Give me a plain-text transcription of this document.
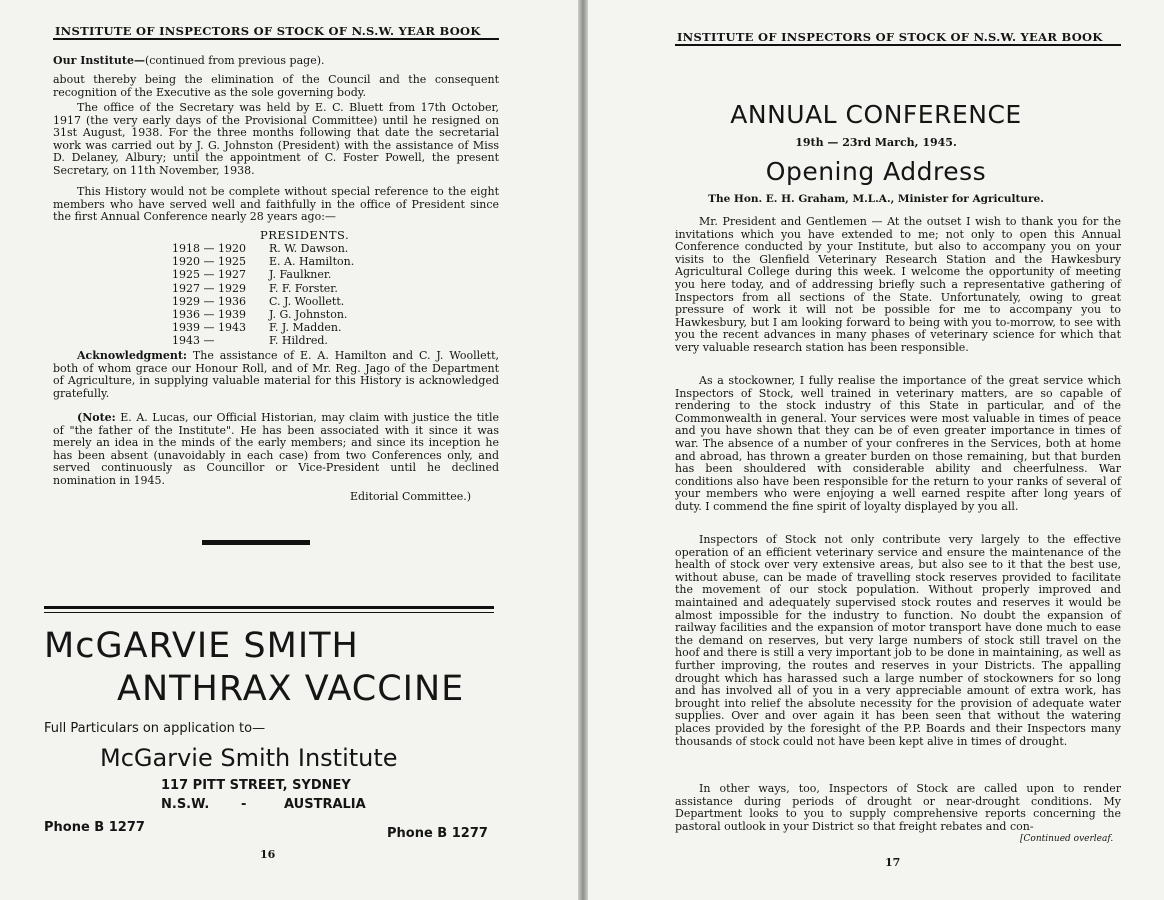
INSTITUTE OF INSPECTORS OF STOCK OF N.S.W. YEAR BOOK
Our Institute—(continued from previous page).
about thereby being the elimination of the Council and the consequent recognition of the Executive as the sole governing body.
The office of the Secretary was held by E. C. Bluett from 17th October, 1917 (the very early days of the Provisional Committee) until he resigned on 31st August, 1938. For the three months following that date the secretarial work was carried out by J. G. Johnston (President) with the assistance of Miss D. Delaney, Albury; until the appointment of C. Foster Powell, the present Secretary, on 11th November, 1938.
This History would not be complete without special reference to the eight members who have served well and faithfully in the office of President since the first Annual Conference nearly 28 years ago:—
PRESIDENTS.
1918 — 1920	R. W. Dawson.
1920 — 1925	E. A. Hamilton.
1925 — 1927	J. Faulkner.
1927 — 1929	F. F. Forster.
1929 — 1936	C. J. Woollett.
1936 — 1939	J. G. Johnston.
1939 — 1943	F. J. Madden.
1943 —	F. Hildred.
Acknowledgment: The assistance of E. A. Hamilton and C. J. Woollett, both of whom grace our Honour Roll, and of Mr. Reg. Jago of the Department of Agriculture, in supplying valuable material for this History is acknowledged gratefully.
(Note: E. A. Lucas, our Official Historian, may claim with justice the title of "the father of the Institute". He has been associated with it since it was merely an idea in the minds of the early members; and since its inception he has been absent (unavoidably in each case) from two Conferences only, and served continuously as Councillor or Vice-President until he declined nomination in 1945.
Editorial Committee.)
McGARVIE SMITH
ANTHRAX VACCINE
Full Particulars on application to—
McGarvie Smith Institute
117 PITT STREET, SYDNEY
N.S.W. -	AUSTRALIA
Phone B 1277	Phone B 1277
16
INSTITUTE OF INSPECTORS OF STOCK OF N.S.W. YEAR BOOK
ANNUAL CONFERENCE
19th — 23rd March, 1945.
Opening Address
The Hon. E. H. Graham, M.L.A., Minister for Agriculture.
Mr. President and Gentlemen — At the outset I wish to thank you for the invitations which you have extended to me; not only to open this Annual Conference conducted by your Institute, but also to accompany you on your visits to the Glenfield Veterinary Research Station and the Hawkesbury Agricultural College during this week. I welcome the opportunity of meeting you here today, and of addressing briefly such a representative gathering of Inspectors from all sections of the State. Unfortunately, owing to great pressure of work it will not be possible for me to accompany you to Hawkesbury, but I am looking forward to being with you to-morrow, to see with you the recent advances in many phases of veterinary science for which that very valuable research station has been responsible.
As a stockowner, I fully realise the importance of the great service which Inspectors of Stock, well trained in veterinary matters, are so capable of rendering to the stock industry of this State in particular, and of the Commonwealth in general. Your services were most valuable in times of peace and you have shown that they can be of even greater importance in times of war. The absence of a number of your confreres in the Services, both at home and abroad, has thrown a greater burden on those remaining, but that burden has been shouldered with considerable ability and cheerfulness. War conditions also have been responsible for the return to your ranks of several of your members who were enjoying a well earned respite after long years of duty. I commend the fine spirit of loyalty displayed by you all.
Inspectors of Stock not only contribute very largely to the effective operation of an efficient veterinary service and ensure the maintenance of the health of stock over very extensive areas, but also see to it that the best use, without abuse, can be made of travelling stock reserves provided to facilitate the movement of our stock population. Without properly improved and maintained and adequately supervised stock routes and reserves it would be almost impossible for the industry to function. No doubt the expansion of railway facilities and the expansion of motor transport have done much to ease the demand on reserves, but very large numbers of stock still travel on the hoof and there is still a very important job to be done in maintaining, as well as further improving, the routes and reserves in your Districts. The appalling drought which has harassed such a large number of stockowners for so long and has involved all of you in a very appreciable amount of extra work, has brought into relief the absolute necessity for the provision of adequate water supplies. Over and over again it has been seen that without the watering places provided by the foresight of the P.P. Boards and their Inspectors many thousands of stock could not have been kept alive in times of drought.
In other ways, too, Inspectors of Stock are called upon to render assistance during periods of drought or near-drought conditions. My Department looks to you to supply comprehensive reports concerning the pastoral outlook in your District so that freight rebates and con-
[Continued overleaf.
17
